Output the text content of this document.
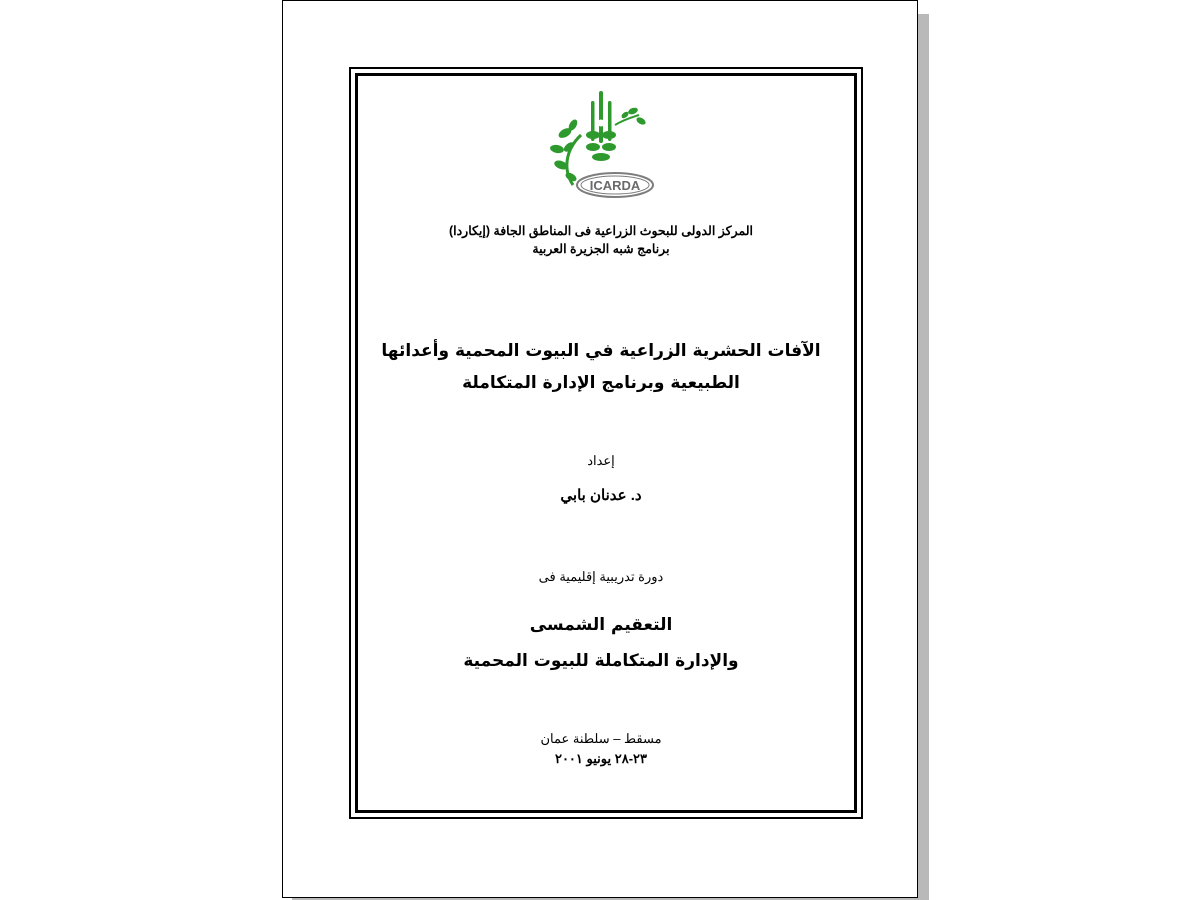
ICARDA
المركز الدولى للبحوث الزراعية فى المناطق الجافة (إيكاردا)
برنامج شبه الجزيرة العربية
الآفات الحشرية الزراعية في البيوت المحمية وأعدائها
الطبيعية وبرنامج الإدارة المتكاملة
إعداد
د. عدنان بابي
دورة تدريبية إقليمية فى
التعقيم الشمسى
والإدارة المتكاملة للبيوت المحمية
مسقط – سلطنة عمان
٢٣-٢٨ يونيو ٢٠٠١
